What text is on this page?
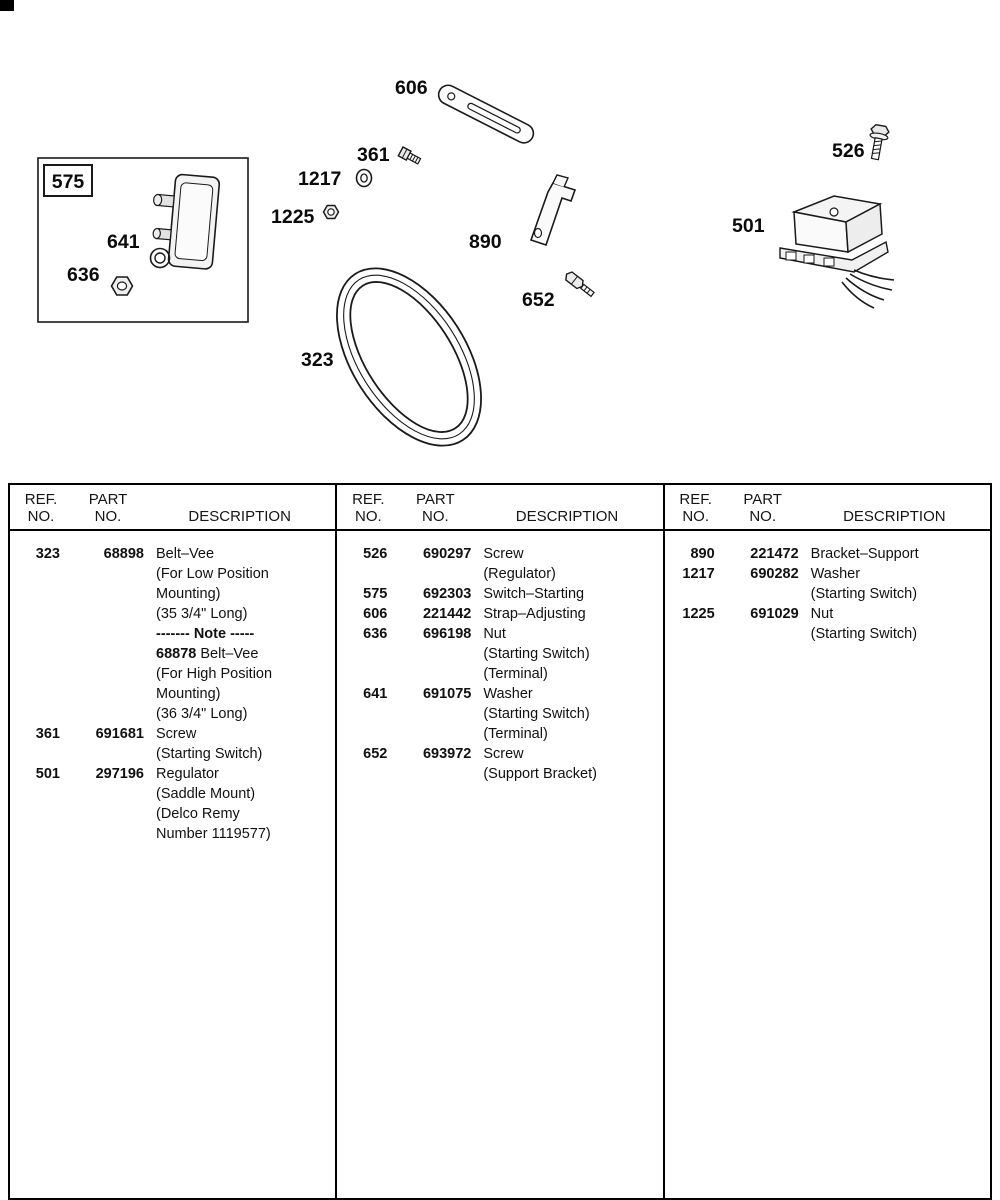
606
361
1217
1225
575
641
636
890
652
323
526
501
REF.
NO.
PART
NO.	DESCRIPTION
323	68898 Belt–Vee
(For Low Position
Mounting)
(35 3/4" Long)
------- Note -----
68878 Belt–Vee
(For High Position
Mounting)
(36 3/4" Long)
361	691681 Screw
(Starting Switch)
501	297196 Regulator
(Saddle Mount)
(Delco Remy
Number 1119577)
REF.
NO.
PART
NO.	DESCRIPTION
526	690297 Screw
(Regulator)
575	692303 Switch–Starting
606	221442 Strap–Adjusting
636	696198 Nut
(Starting Switch)
(Terminal)
641	691075 Washer
(Starting Switch)
(Terminal)
652	693972 Screw
(Support Bracket)
REF.
NO.
PART
NO.	DESCRIPTION
890	221472 Bracket–Support
1217	690282 Washer
(Starting Switch)
1225	691029 Nut
(Starting Switch)
